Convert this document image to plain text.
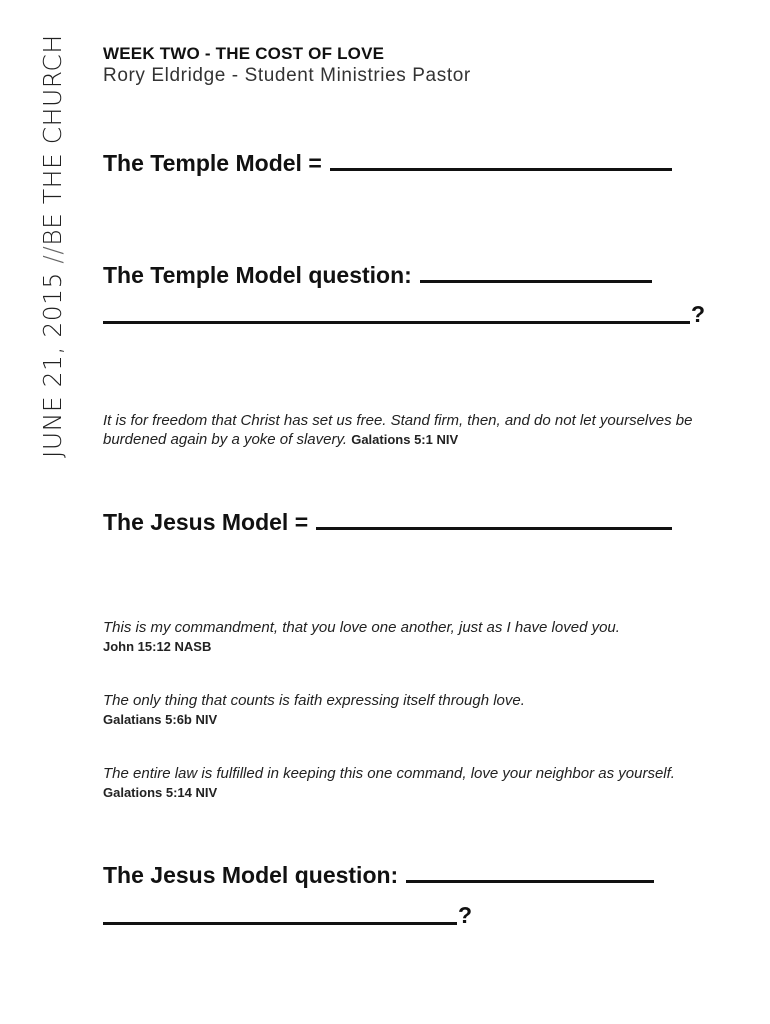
JUNE 21, 2015 //BE THE CHURCH WEEK TWO - THE COST OF LOVE
Rory Eldridge - Student Ministries Pastor
The Temple Model =
The Temple Model question:
?
It is for freedom that Christ has set us free. Stand firm, then, and do not let yourselves be burdened again by a yoke of slavery. Galations 5:1 NIV
The Jesus Model =
This is my commandment, that you love one another, just as I have loved you.
John 15:12 NASB
The only thing that counts is faith expressing itself through love.
Galatians 5:6b NIV
The entire law is fulfilled in keeping this one command, love your neighbor as yourself. Galations 5:14 NIV
The Jesus Model question:
?
